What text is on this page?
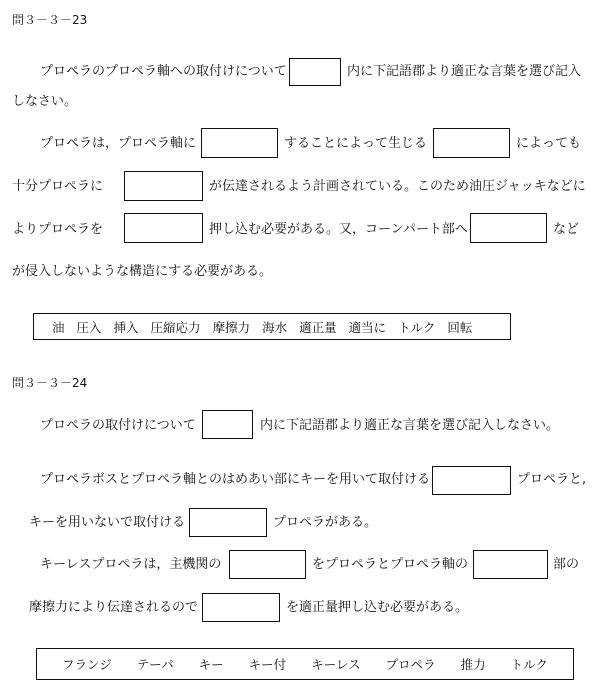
問３－３－23
プロペラのプロペラ軸への取付けについて	内に下記語郡より適正な言葉を選び記入
しなさい。
プロペラは，プロペラ軸に	することによって生じる	によっても
十分プロペラに	が伝達されるよう計画されている。このため油圧ジャッキなどに
よりプロペラを	押し込む必要がある。又，コーンパート部へ	など
が侵入しないような構造にする必要がある。
油 圧入 挿入 圧縮応力 摩擦力 海水 適正量 適当に トルク 回転
問３－３－24
プロペラの取付けについて	内に下記語郡より適正な言葉を選び記入しなさい。
プロペラボスとプロペラ軸とのはめあい部にキーを用いて取付ける	プロペラと,
キーを用いないで取付ける	プロペラがある。
キーレスプロペラは，主機関の	をプロペラとプロペラ軸の	部の
摩擦力により伝達されるので	を適正量押し込む必要がある。
フランジ テーパ キー キー付 キーレス プロペラ 推力 トルク
